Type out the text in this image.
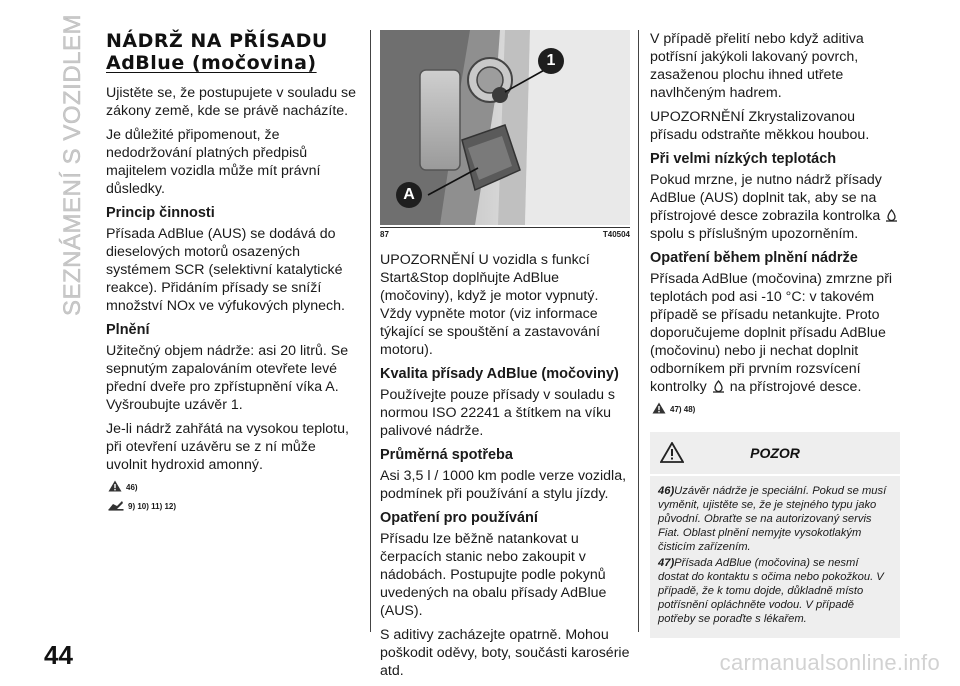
SEZNÁMENÍ S VOZIDLEM NÁDRŽ NA PŘÍSADU
AdBlue (močovina)

Ujistěte se, že postupujete v souladu se zákony země, kde se právě nacházíte.

Je důležité připomenout, že nedodržování platných předpisů majitelem vozidla může mít právní důsledky.

Princip činnosti

Přísada AdBlue (AUS) se dodává do dieselových motorů osazených systémem SCR (selektivní katalytické reakce). Přidáním přísady se sníží množství NOx ve výfukových plynech.

Plnění

Užitečný objem nádrže: asi 20 litrů. Se sepnutým zapalováním otevřete levé přední dveře pro zpřístupnění víka A. Vyšroubujte uzávěr 1.

Je-li nádrž zahřátá na vysokou teplotu, při otevření uzávěru se z ní může uvolnit hydroxid amonný.

46)
9) 10) 11) 12)
1
A
87	T40504

UPOZORNĚNÍ U vozidla s funkcí Start&Stop doplňujte AdBlue (močoviny), když je motor vypnutý. Vždy vypněte motor (viz informace týkající se spouštění a zastavování motoru).

Kvalita přísady AdBlue (močoviny)

Používejte pouze přísady v souladu s normou ISO 22241 a štítkem na víku palivové nádrže.

Průměrná spotřeba

Asi 3,5 l / 1000 km podle verze vozidla, podmínek při používání a stylu jízdy.

Opatření pro používání

Přísadu lze běžně natankovat u čerpacích stanic nebo zakoupit v nádobách. Postupujte podle pokynů uvedených na obalu přísady AdBlue (AUS).

S aditivy zacházejte opatrně. Mohou poškodit oděvy, boty, součásti karosérie atd.

V případě přelití nebo když aditiva potřísní jakýkoli lakovaný povrch, zasaženou plochu ihned utřete navlhčeným hadrem.

UPOZORNĚNÍ Zkrystalizovanou přísadu odstraňte měkkou houbou.

Při velmi nízkých teplotách

Pokud mrzne, je nutno nádrž přísady AdBlue (AUS) doplnit tak, aby se na přístrojové desce zobrazila kontrolka  spolu s příslušným upozorněním.

Opatření během plnění nádrže

Přísada AdBlue (močovina) zmrzne při teplotách pod asi -10 °C: v takovém případě se přísadu netankujte. Proto doporučujeme doplnit přísadu AdBlue (močovinu) nebo ji nechat doplnit odborníkem při prvním rozsvícení kontrolky na přístrojové desce.

47) 48)
POZOR

46)Uzávěr nádrže je speciální. Pokud se musí vyměnit, ujistěte se, že je stejného typu jako původní. Obraťte se na autorizovaný servis Fiat. Oblast plnění nemyjte vysokotlakým čisticím zařízením.

47)Přísada AdBlue (močovina) se nesmí dostat do kontaktu s očima nebo pokožkou. V případě, že k tomu dojde, důkladně místo potřísnění opláchněte vodou. V případě potřeby se poraďte s lékařem.

44	carmanualsonline.info
